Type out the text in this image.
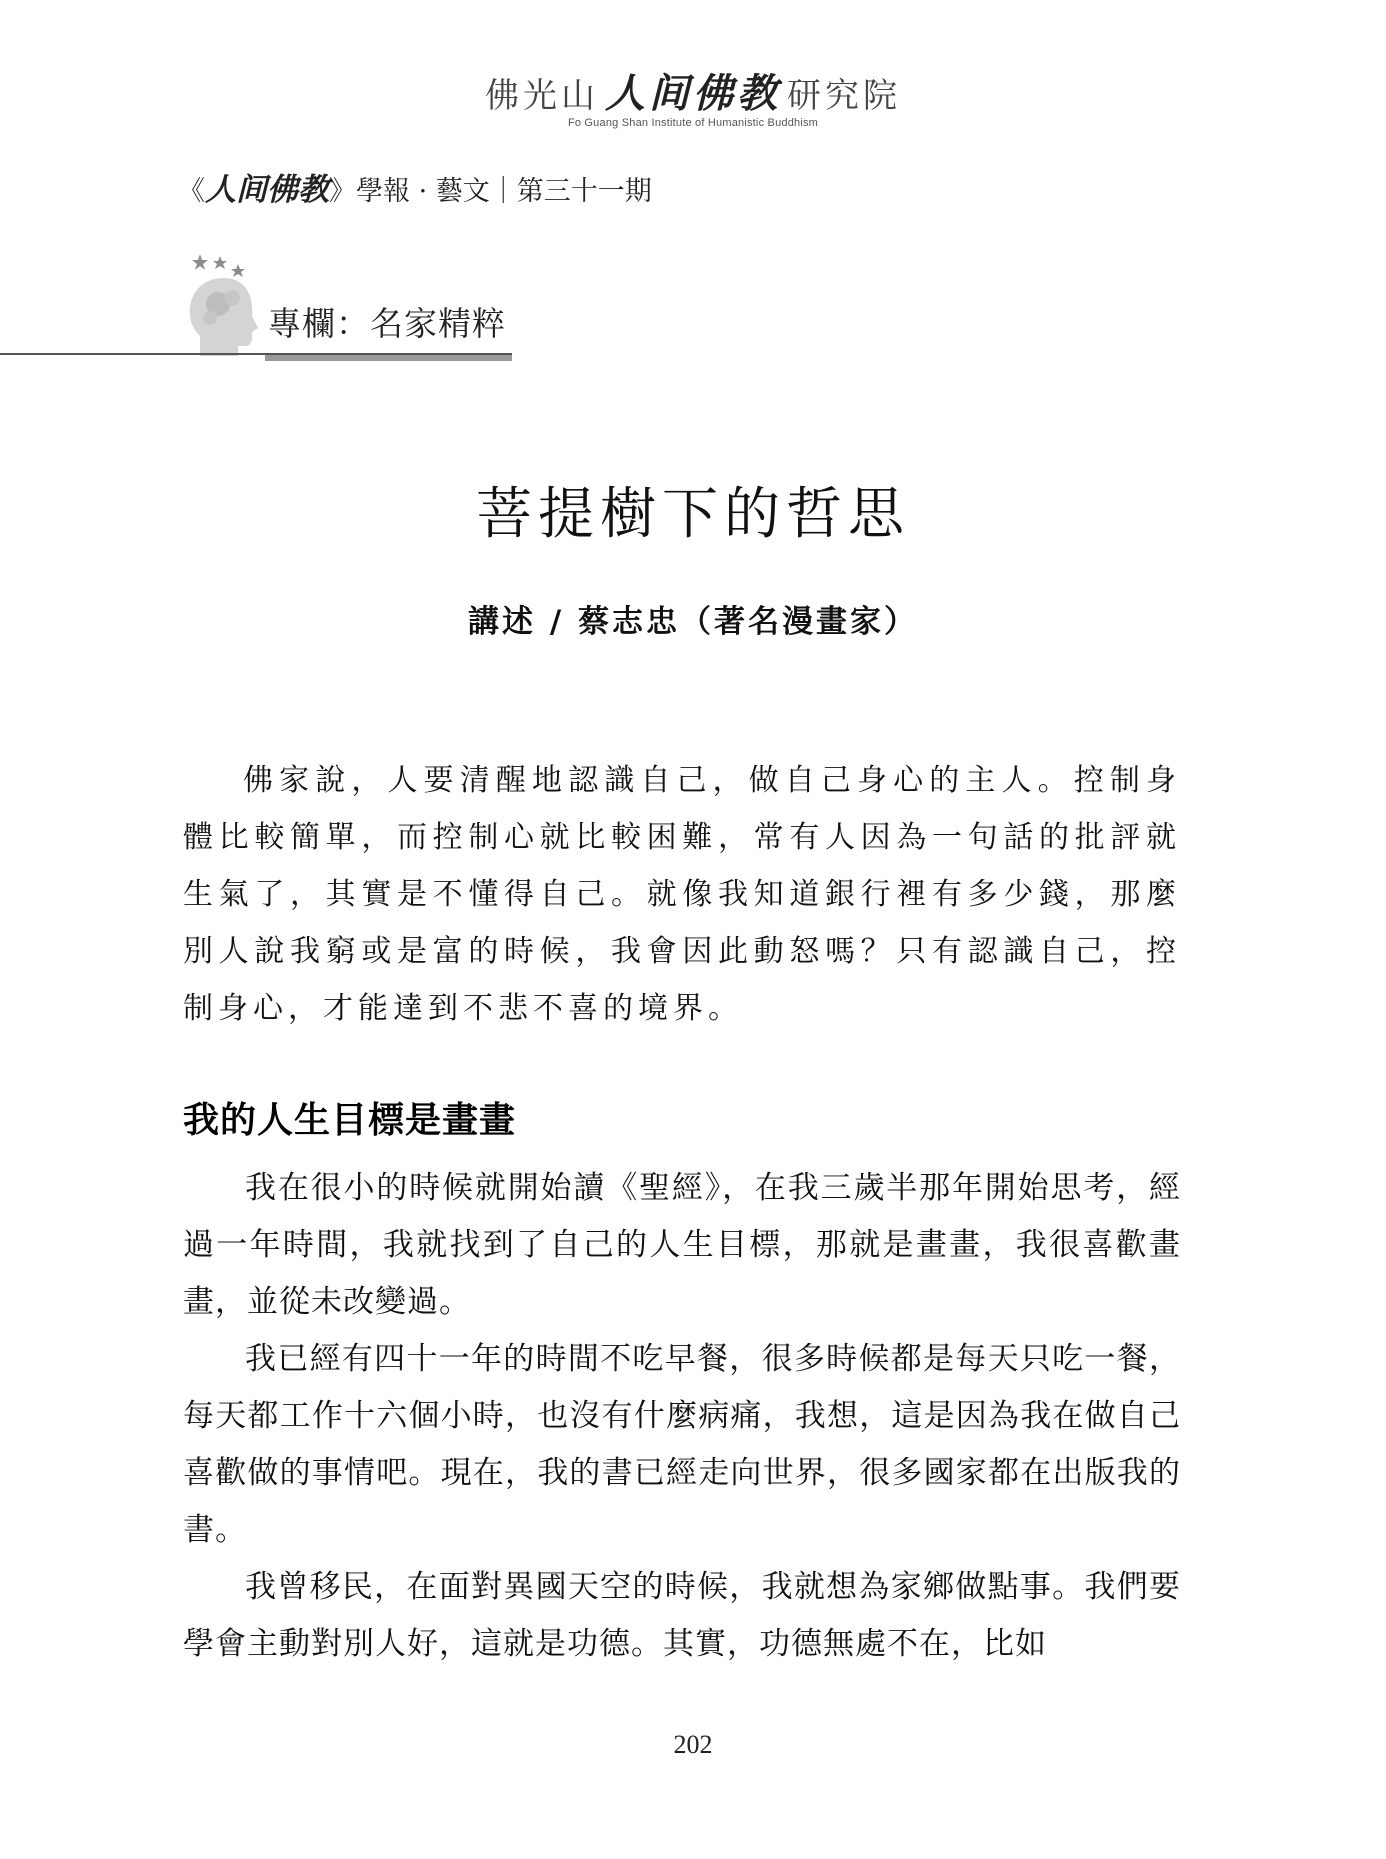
佛光山 人间佛教 研究院
Fo Guang Shan Institute of Humanistic Buddhism
《人间佛教》學報 · 藝文｜第三十一期
專欄：名家精粹
菩提樹下的哲思
講述 / 蔡志忠（著名漫畫家）

佛家說，人要清醒地認識自己，做自己身心的主人。控制身體比較簡單，而控制心就比較困難，常有人因為一句話的批評就生氣了，其實是不懂得自己。就像我知道銀行裡有多少錢，那麼別人說我窮或是富的時候，我會因此動怒嗎？只有認識自己，控制身心，才能達到不悲不喜的境界。

我的人生目標是畫畫

我在很小的時候就開始讀《聖經》，在我三歲半那年開始思考，經過一年時間，我就找到了自己的人生目標，那就是畫畫，我很喜歡畫畫，並從未改變過。

我已經有四十一年的時間不吃早餐，很多時候都是每天只吃一餐，每天都工作十六個小時，也沒有什麼病痛，我想，這是因為我在做自己喜歡做的事情吧。現在，我的書已經走向世界，很多國家都在出版我的書。

我曾移民，在面對異國天空的時候，我就想為家鄉做點事。我們要學會主動對別人好，這就是功德。其實，功德無處不在，比如

202
